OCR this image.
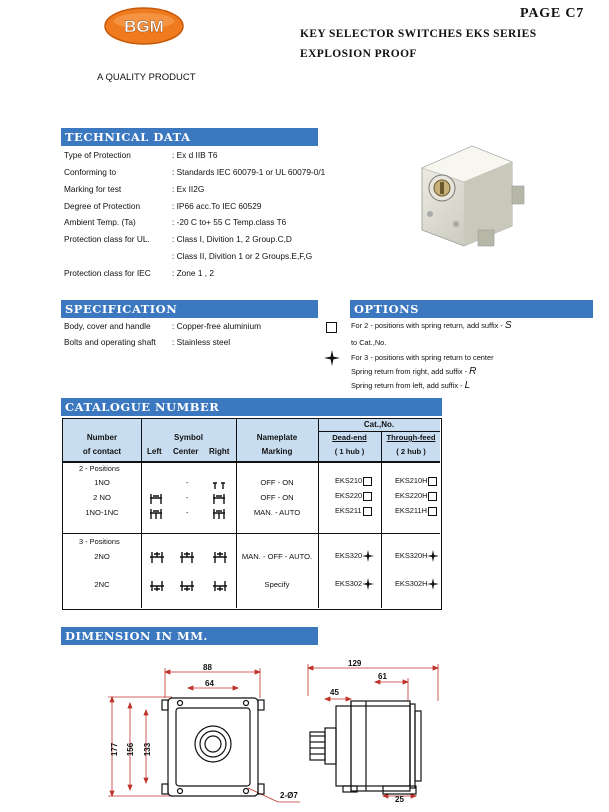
BGM
A QUALITY PRODUCT
PAGE C7
KEY SELECTOR SWITCHES EKS SERIES
EXPLOSION PROOF
TECHNICAL DATA
Type of Protection	: Ex d IIB T6
Conforming to	: Standards IEC 60079-1 or UL 60079-0/1
Marking for test	: Ex II2G
Degree of Protection	: IP66 acc.To IEC 60529
Ambient Temp. (Ta)	: -20 C to+ 55 C Temp.class T6
Protection class for UL.	: Class I, Divition 1, 2 Group.C,D
: Class II, Divition 1 or 2 Groups.E,F,G
Protection class for IEC	: Zone 1 , 2
SPECIFICATION
Body, cover and handle	: Copper-free aluminium
Bolts and operating shaft : Stainless steel
OPTIONS
For 2 - positions with spring return, add suffix - S
to Cat.,No.
For 3 - positions with spring return to center
Spring return from right, add suffix - R
Spring return from left, add suffix - L
CATALOGUE NUMBER
Number
of contact
Symbol
Left Center Right
Nameplate
Marking
Cat.,No.
Dead-end
( 1 hub )
Through-feed
( 2 hub )
2 - Positions
1NO	-	OFF - ON	EKS210	EKS210H
2 NO	-	OFF - ON	EKS220	EKS220H
1NO-1NC	-	MAN. - AUTO	EKS211	EKS211H
3 - Positions
2NO	MAN. - OFF - AUTO.	EKS320	EKS320H
2NC	Specify	EKS302	EKS302H
DIMENSION IN MM.
88
64
177 156 133
2-Ø7
129
61
45
25
